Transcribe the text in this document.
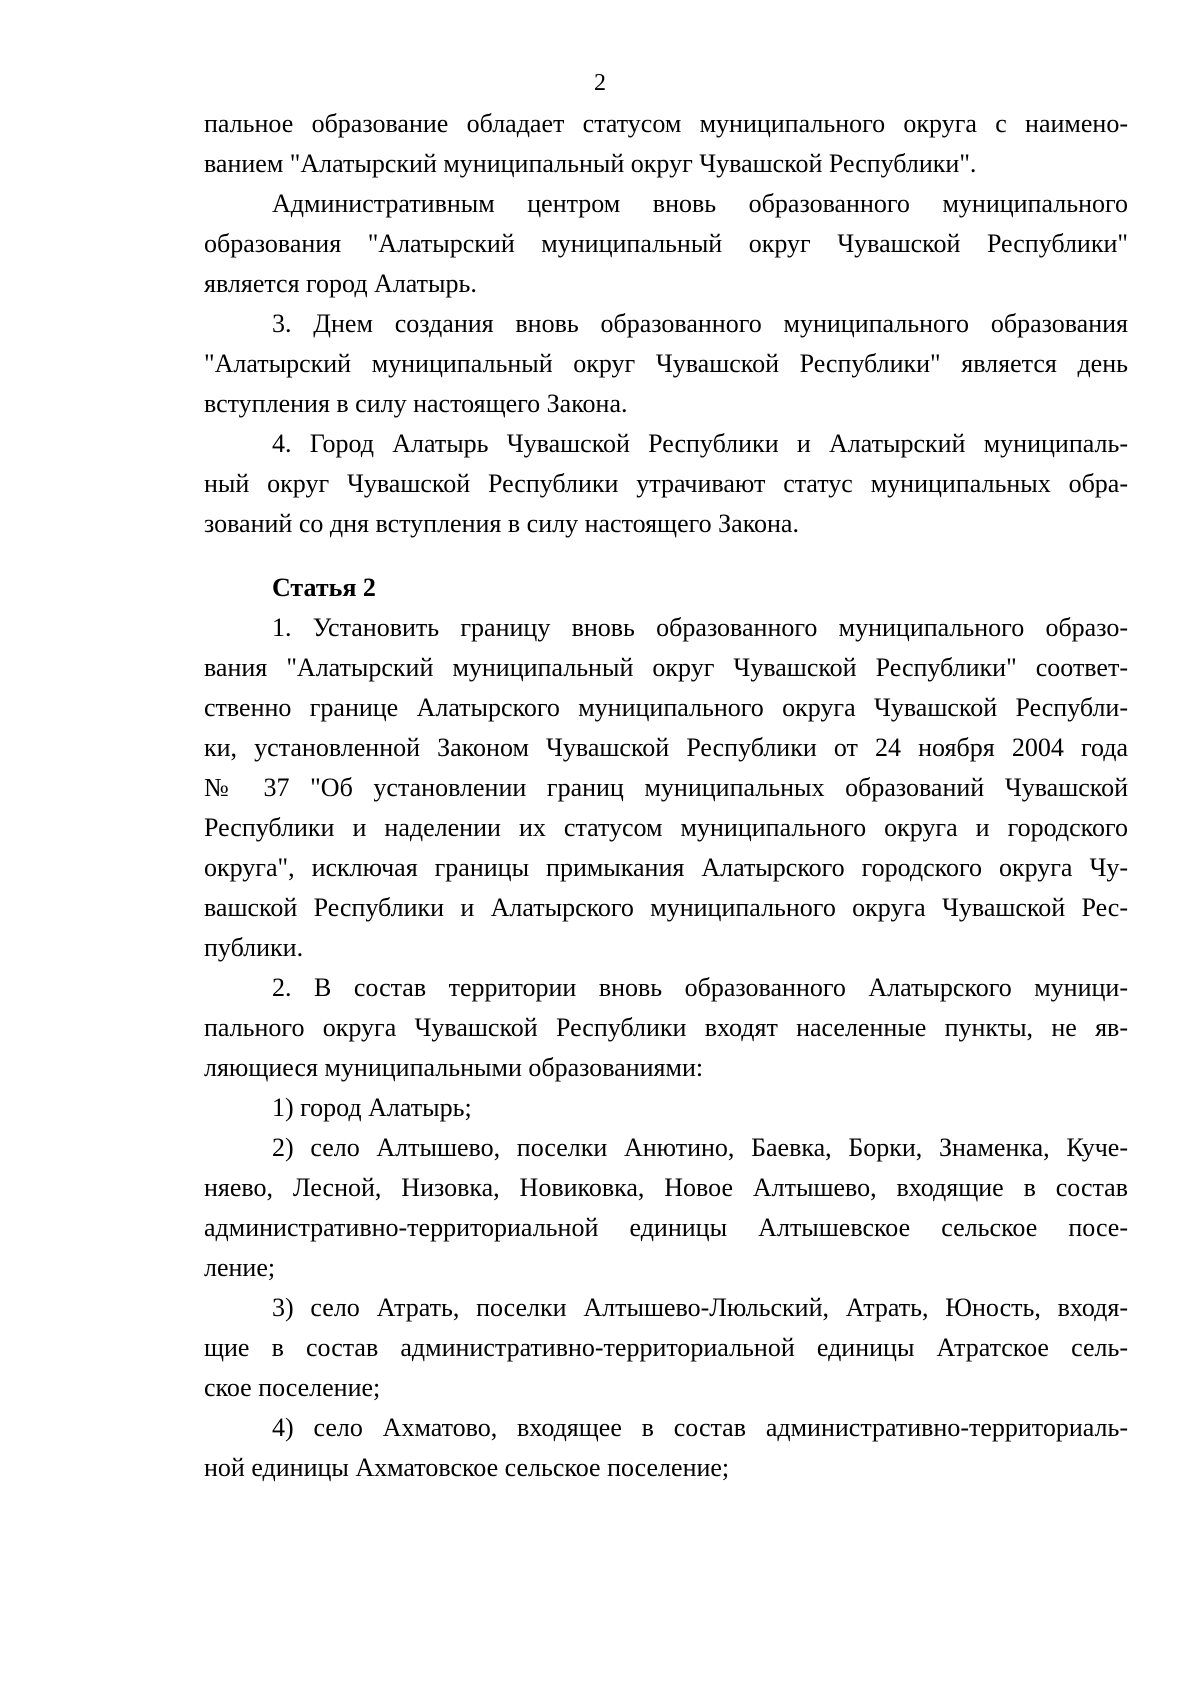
2
пальное образование обладает статусом муниципального округа с наимено-
ванием "Алатырский муниципальный округ Чувашской Республики".
Административным центром вновь образованного муниципального
образования "Алатырский муниципальный округ Чувашской Республики"
является город Алатырь.
3. Днем создания вновь образованного муниципального образования
"Алатырский муниципальный округ Чувашской Республики" является день
вступления в силу настоящего Закона.
4. Город Алатырь Чувашской Республики и Алатырский муниципаль-
ный округ Чувашской Республики утрачивают статус муниципальных обра-
зований со дня вступления в силу настоящего Закона.
Статья 2
1. Установить границу вновь образованного муниципального образо-
вания "Алатырский муниципальный округ Чувашской Республики" соответ-
ственно границе Алатырского муниципального округа Чувашской Республи-
ки, установленной Законом Чувашской Республики от 24 ноября 2004 года
№ 37 "Об установлении границ муниципальных образований Чувашской
Республики и наделении их статусом муниципального округа и городского
округа", исключая границы примыкания Алатырского городского округа Чу-
вашской Республики и Алатырского муниципального округа Чувашской Рес-
публики.
2. В состав территории вновь образованного Алатырского муници-
пального округа Чувашской Республики входят населенные пункты, не яв-
ляющиеся муниципальными образованиями:
1) город Алатырь;
2) село Алтышево, поселки Анютино, Баевка, Борки, Знаменка, Куче-
няево, Лесной, Низовка, Новиковка, Новое Алтышево, входящие в состав
административно-территориальной единицы Алтышевское сельское посе-
ление;
3) село Атрать, поселки Алтышево-Люльский, Атрать, Юность, входя-
щие в состав административно-территориальной единицы Атратское сель-
ское поселение;
4) село Ахматово, входящее в состав административно-территориаль-
ной единицы Ахматовское сельское поселение;
